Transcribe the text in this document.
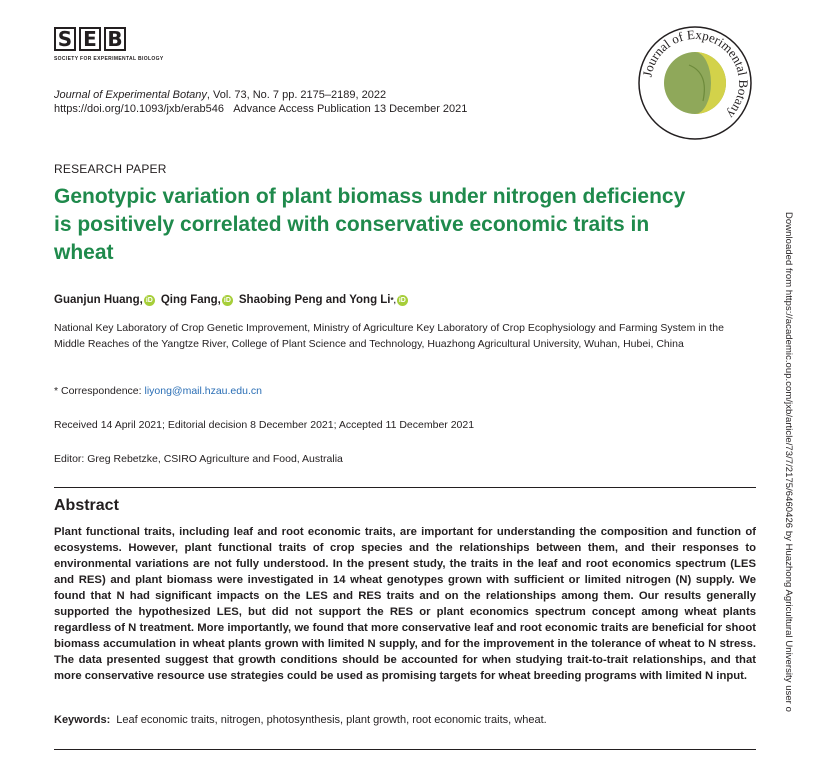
S E B
SOCIETY FOR EXPERIMENTAL BIOLOGY
Journal of Experimental Botany, Vol. 73, No. 7 pp. 2175–2189, 2022
https://doi.org/10.1093/jxb/erab546 Advance Access Publication 13 December 2021
Journal of Experimental Botany
RESEARCH PAPER
Genotypic variation of plant biomass under nitrogen deficiency is positively correlated with conservative economic traits in wheat
Guanjun Huang, iD Qing Fang, iD Shaobing Peng and Yong Li *, iD
National Key Laboratory of Crop Genetic Improvement, Ministry of Agriculture Key Laboratory of Crop Ecophysiology and Farming System in the Middle Reaches of the Yangtze River, College of Plant Science and Technology, Huazhong Agricultural University, Wuhan, Hubei, China
* Correspondence: liyong@mail.hzau.edu.cn
Received 14 April 2021; Editorial decision 8 December 2021; Accepted 11 December 2021
Editor: Greg Rebetzke, CSIRO Agriculture and Food, Australia
Abstract

Plant functional traits, including leaf and root economic traits, are important for understanding the composition and function of ecosystems. However, plant functional traits of crop species and the relationships between them, and their responses to environmental variations are not fully understood. In the present study, the traits in the leaf and root economics spectrum (LES and RES) and plant biomass were investigated in 14 wheat genotypes grown with sufficient or limited nitrogen (N) supply. We found that N had significant impacts on the LES and RES traits and on the relationships among them. Our results generally supported the hypothesized LES, but did not support the RES or plant economics spectrum concept among wheat plants regardless of N treatment. More importantly, we found that more conservative leaf and root economic traits are beneficial for shoot biomass accumulation in wheat plants grown with limited N supply, and for the improvement in the tolerance of wheat to N stress. The data presented suggest that growth conditions should be accounted for when studying trait-to-trait relationships, and that more conservative resource use strategies could be used as promising targets for wheat breeding programs with limited N input.

Keywords: Leaf economic traits, nitrogen, photosynthesis, plant growth, root economic traits, wheat.
Downloaded from https://academic.oup.com/jxb/article/73/7/2175/6460426 by Huazhong Agricultural University user o
